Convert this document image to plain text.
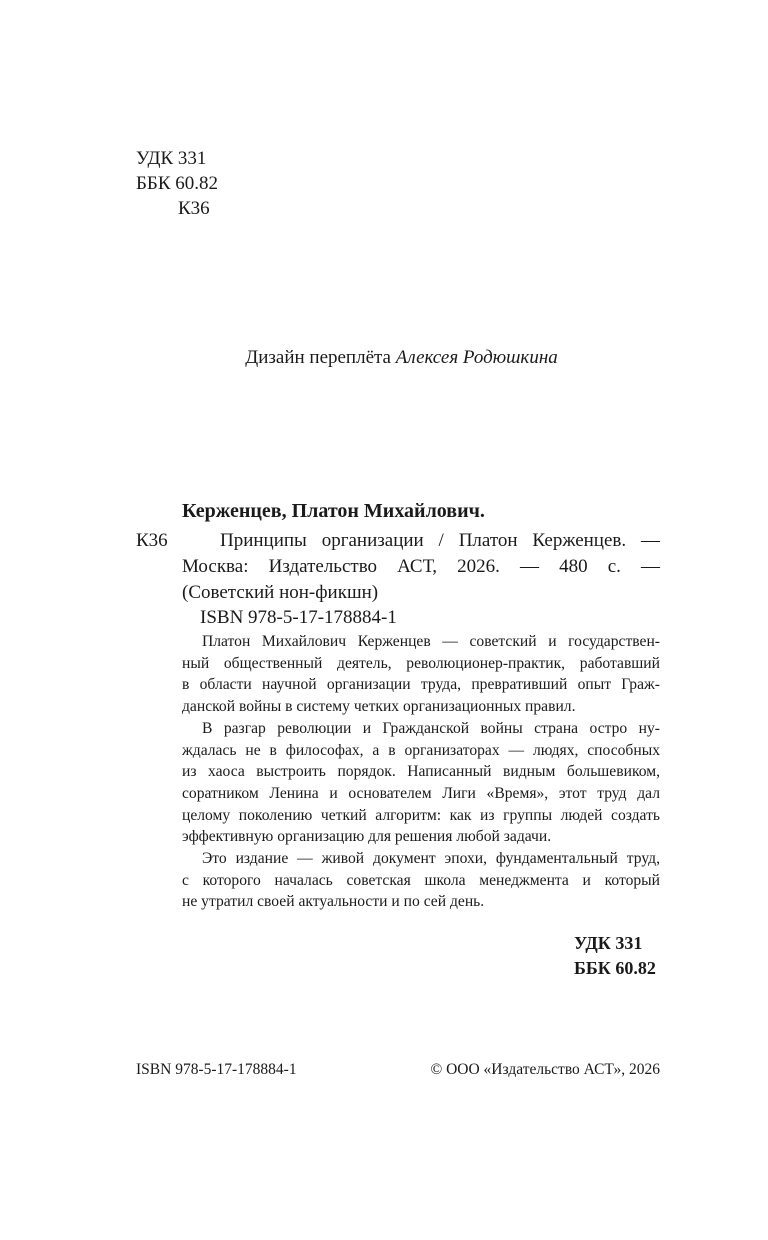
УДК 331
ББК 60.82
К36
Дизайн переплёта Алексея Родюшкина
Керженцев, Платон Михайлович.
К36	Принципы организации / Платон Керженцев. —
Москва: Издательство АСТ, 2026. — 480 с. —
(Советский нон-фикшн)
ISBN 978-5-17-178884-1
Платон Михайлович Керженцев — советский и государствен-
ный общественный деятель, революционер-практик, работавший
в области научной организации труда, превративший опыт Граж-
данской войны в систему четких организационных правил.
В разгар революции и Гражданской войны страна остро ну-
ждалась не в философах, а в организаторах — людях, способных
из хаоса выстроить порядок. Написанный видным большевиком,
соратником Ленина и основателем Лиги «Время», этот труд дал
целому поколению четкий алгоритм: как из группы людей создать
эффективную организацию для решения любой задачи.
Это издание — живой документ эпохи, фундаментальный труд,
с которого началась советская школа менеджмента и который
не утратил своей актуальности и по сей день.
УДК 331
ББК 60.82
ISBN 978-5-17-178884-1	© ООО «Издательство АСТ», 2026
